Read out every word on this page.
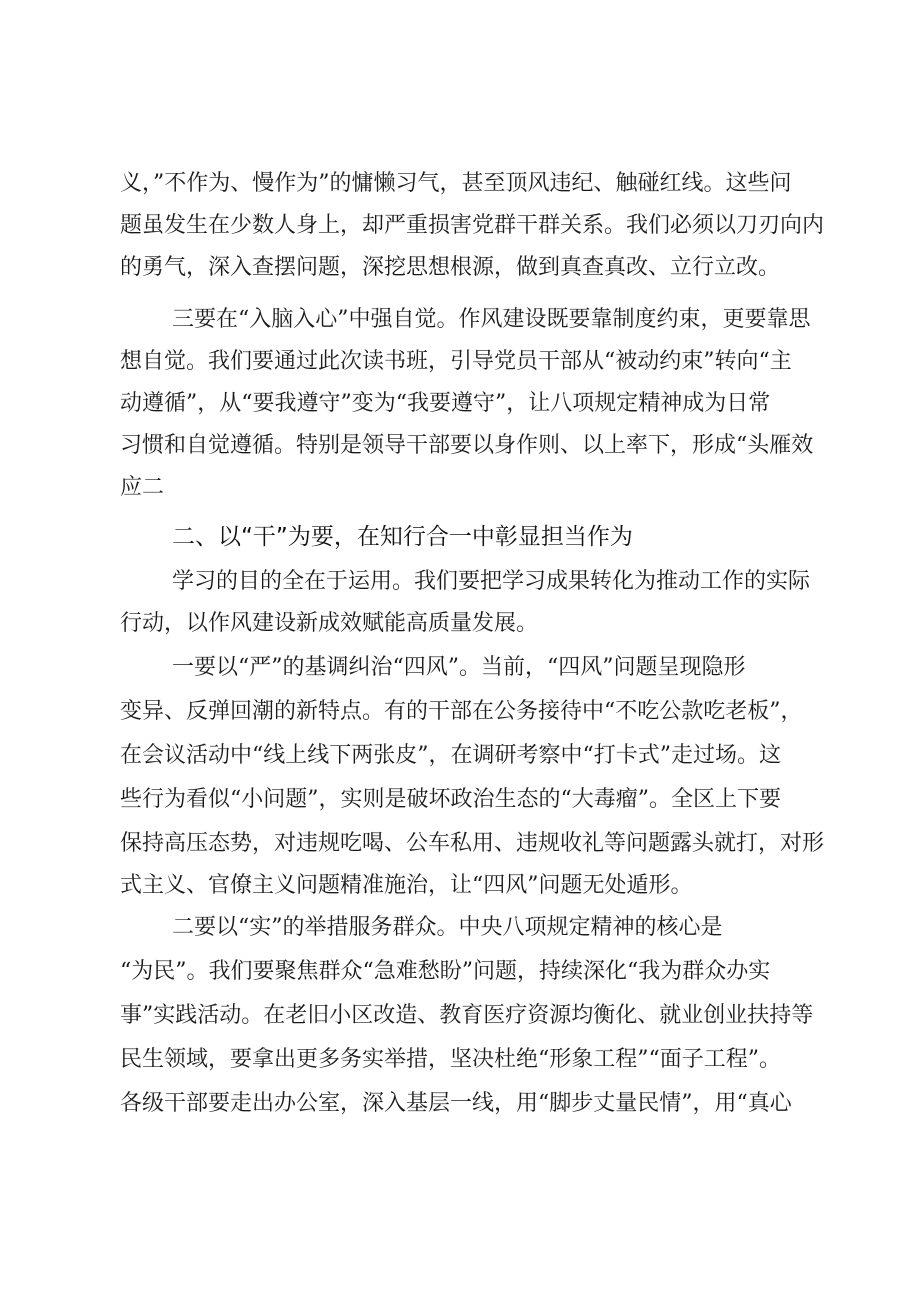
义，”不作为、慢作为”的慵懒习气，甚至顶风违纪、触碰红线。这些问
题虽发生在少数人身上，却严重损害党群干群关系。我们必须以刀刃向内
的勇气，深入查摆问题，深挖思想根源，做到真查真改、立行立改。
三要在“入脑入心”中强自觉。作风建设既要靠制度约束，更要靠思
想自觉。我们要通过此次读书班，引导党员干部从“被动约束”转向“主
动遵循”，从“要我遵守”变为“我要遵守”，让八项规定精神成为日常
习惯和自觉遵循。特别是领导干部要以身作则、以上率下，形成“头雁效
应二
二、以“干”为要，在知行合一中彰显担当作为
学习的目的全在于运用。我们要把学习成果转化为推动工作的实际
行动，以作风建设新成效赋能高质量发展。
一要以“严”的基调纠治“四风”。当前，“四风”问题呈现隐形
变异、反弹回潮的新特点。有的干部在公务接待中“不吃公款吃老板”，
在会议活动中“线上线下两张皮”，在调研考察中“打卡式”走过场。这
些行为看似“小问题”，实则是破坏政治生态的“大毒瘤”。全区上下要
保持高压态势，对违规吃喝、公车私用、违规收礼等问题露头就打，对形
式主义、官僚主义问题精准施治，让“四风”问题无处遁形。
二要以“实”的举措服务群众。中央八项规定精神的核心是
“为民”。我们要聚焦群众“急难愁盼”问题，持续深化“我为群众办实
事”实践活动。在老旧小区改造、教育医疗资源均衡化、就业创业扶持等
民生领域，要拿出更多务实举措，坚决杜绝“形象工程”“面子工程”。
各级干部要走出办公室，深入基层一线，用“脚步丈量民情”，用“真心
